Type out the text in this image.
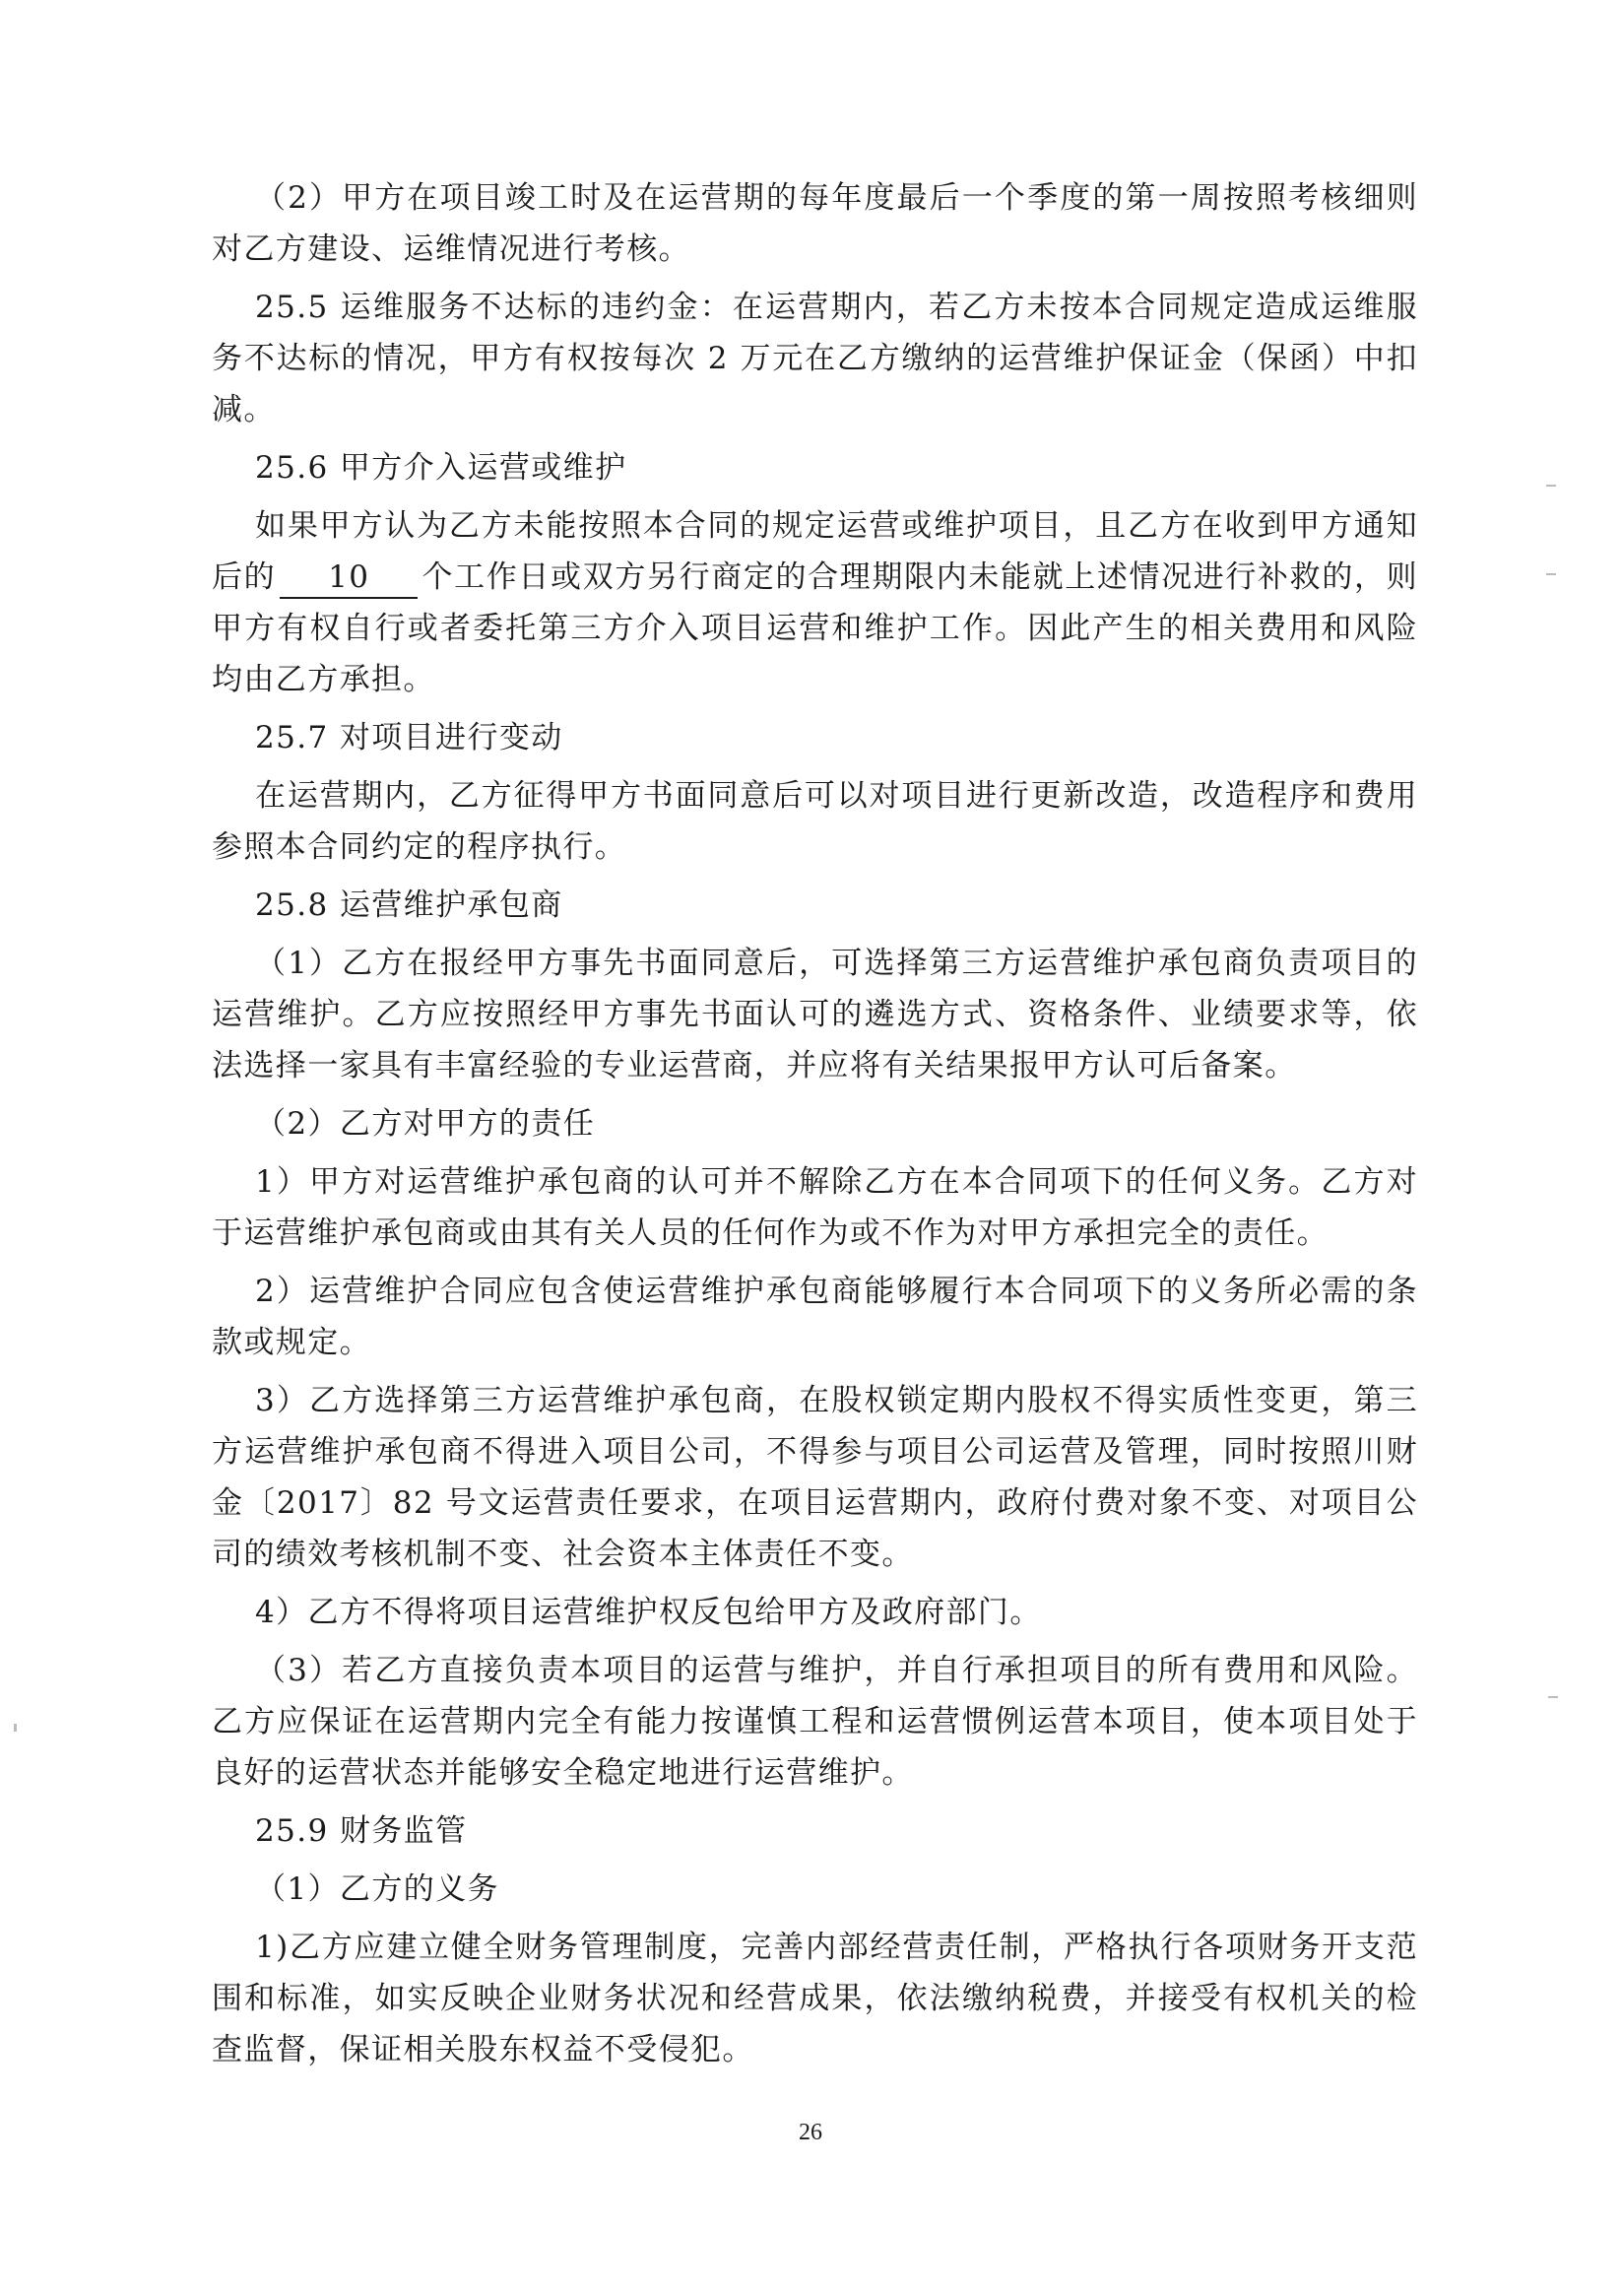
（2）甲方在项目竣工时及在运营期的每年度最后一个季度的第一周按照考核细则对乙方建设、运维情况进行考核。

25.5 运维服务不达标的违约金：在运营期内，若乙方未按本合同规定造成运维服务不达标的情况，甲方有权按每次 2 万元在乙方缴纳的运营维护保证金（保函）中扣减。

25.6 甲方介入运营或维护

如果甲方认为乙方未能按照本合同的规定运营或维护项目，且乙方在收到甲方通知后的 10 个工作日或双方另行商定的合理期限内未能就上述情况进行补救的，则甲方有权自行或者委托第三方介入项目运营和维护工作。因此产生的相关费用和风险均由乙方承担。

25.7 对项目进行变动

在运营期内，乙方征得甲方书面同意后可以对项目进行更新改造，改造程序和费用参照本合同约定的程序执行。

25.8 运营维护承包商

（1）乙方在报经甲方事先书面同意后，可选择第三方运营维护承包商负责项目的运营维护。乙方应按照经甲方事先书面认可的遴选方式、资格条件、业绩要求等，依法选择一家具有丰富经验的专业运营商，并应将有关结果报甲方认可后备案。

（2）乙方对甲方的责任

1）甲方对运营维护承包商的认可并不解除乙方在本合同项下的任何义务。乙方对于运营维护承包商或由其有关人员的任何作为或不作为对甲方承担完全的责任。

2）运营维护合同应包含使运营维护承包商能够履行本合同项下的义务所必需的条款或规定。

3）乙方选择第三方运营维护承包商，在股权锁定期内股权不得实质性变更，第三方运营维护承包商不得进入项目公司，不得参与项目公司运营及管理，同时按照川财金〔2017〕82 号文运营责任要求，在项目运营期内，政府付费对象不变、对项目公司的绩效考核机制不变、社会资本主体责任不变。

4）乙方不得将项目运营维护权反包给甲方及政府部门。

（3）若乙方直接负责本项目的运营与维护，并自行承担项目的所有费用和风险。乙方应保证在运营期内完全有能力按谨慎工程和运营惯例运营本项目，使本项目处于良好的运营状态并能够安全稳定地进行运营维护。

25.9 财务监管

（1）乙方的义务

1)乙方应建立健全财务管理制度，完善内部经营责任制，严格执行各项财务开支范围和标准，如实反映企业财务状况和经营成果，依法缴纳税费，并接受有权机关的检查监督，保证相关股东权益不受侵犯。

26
